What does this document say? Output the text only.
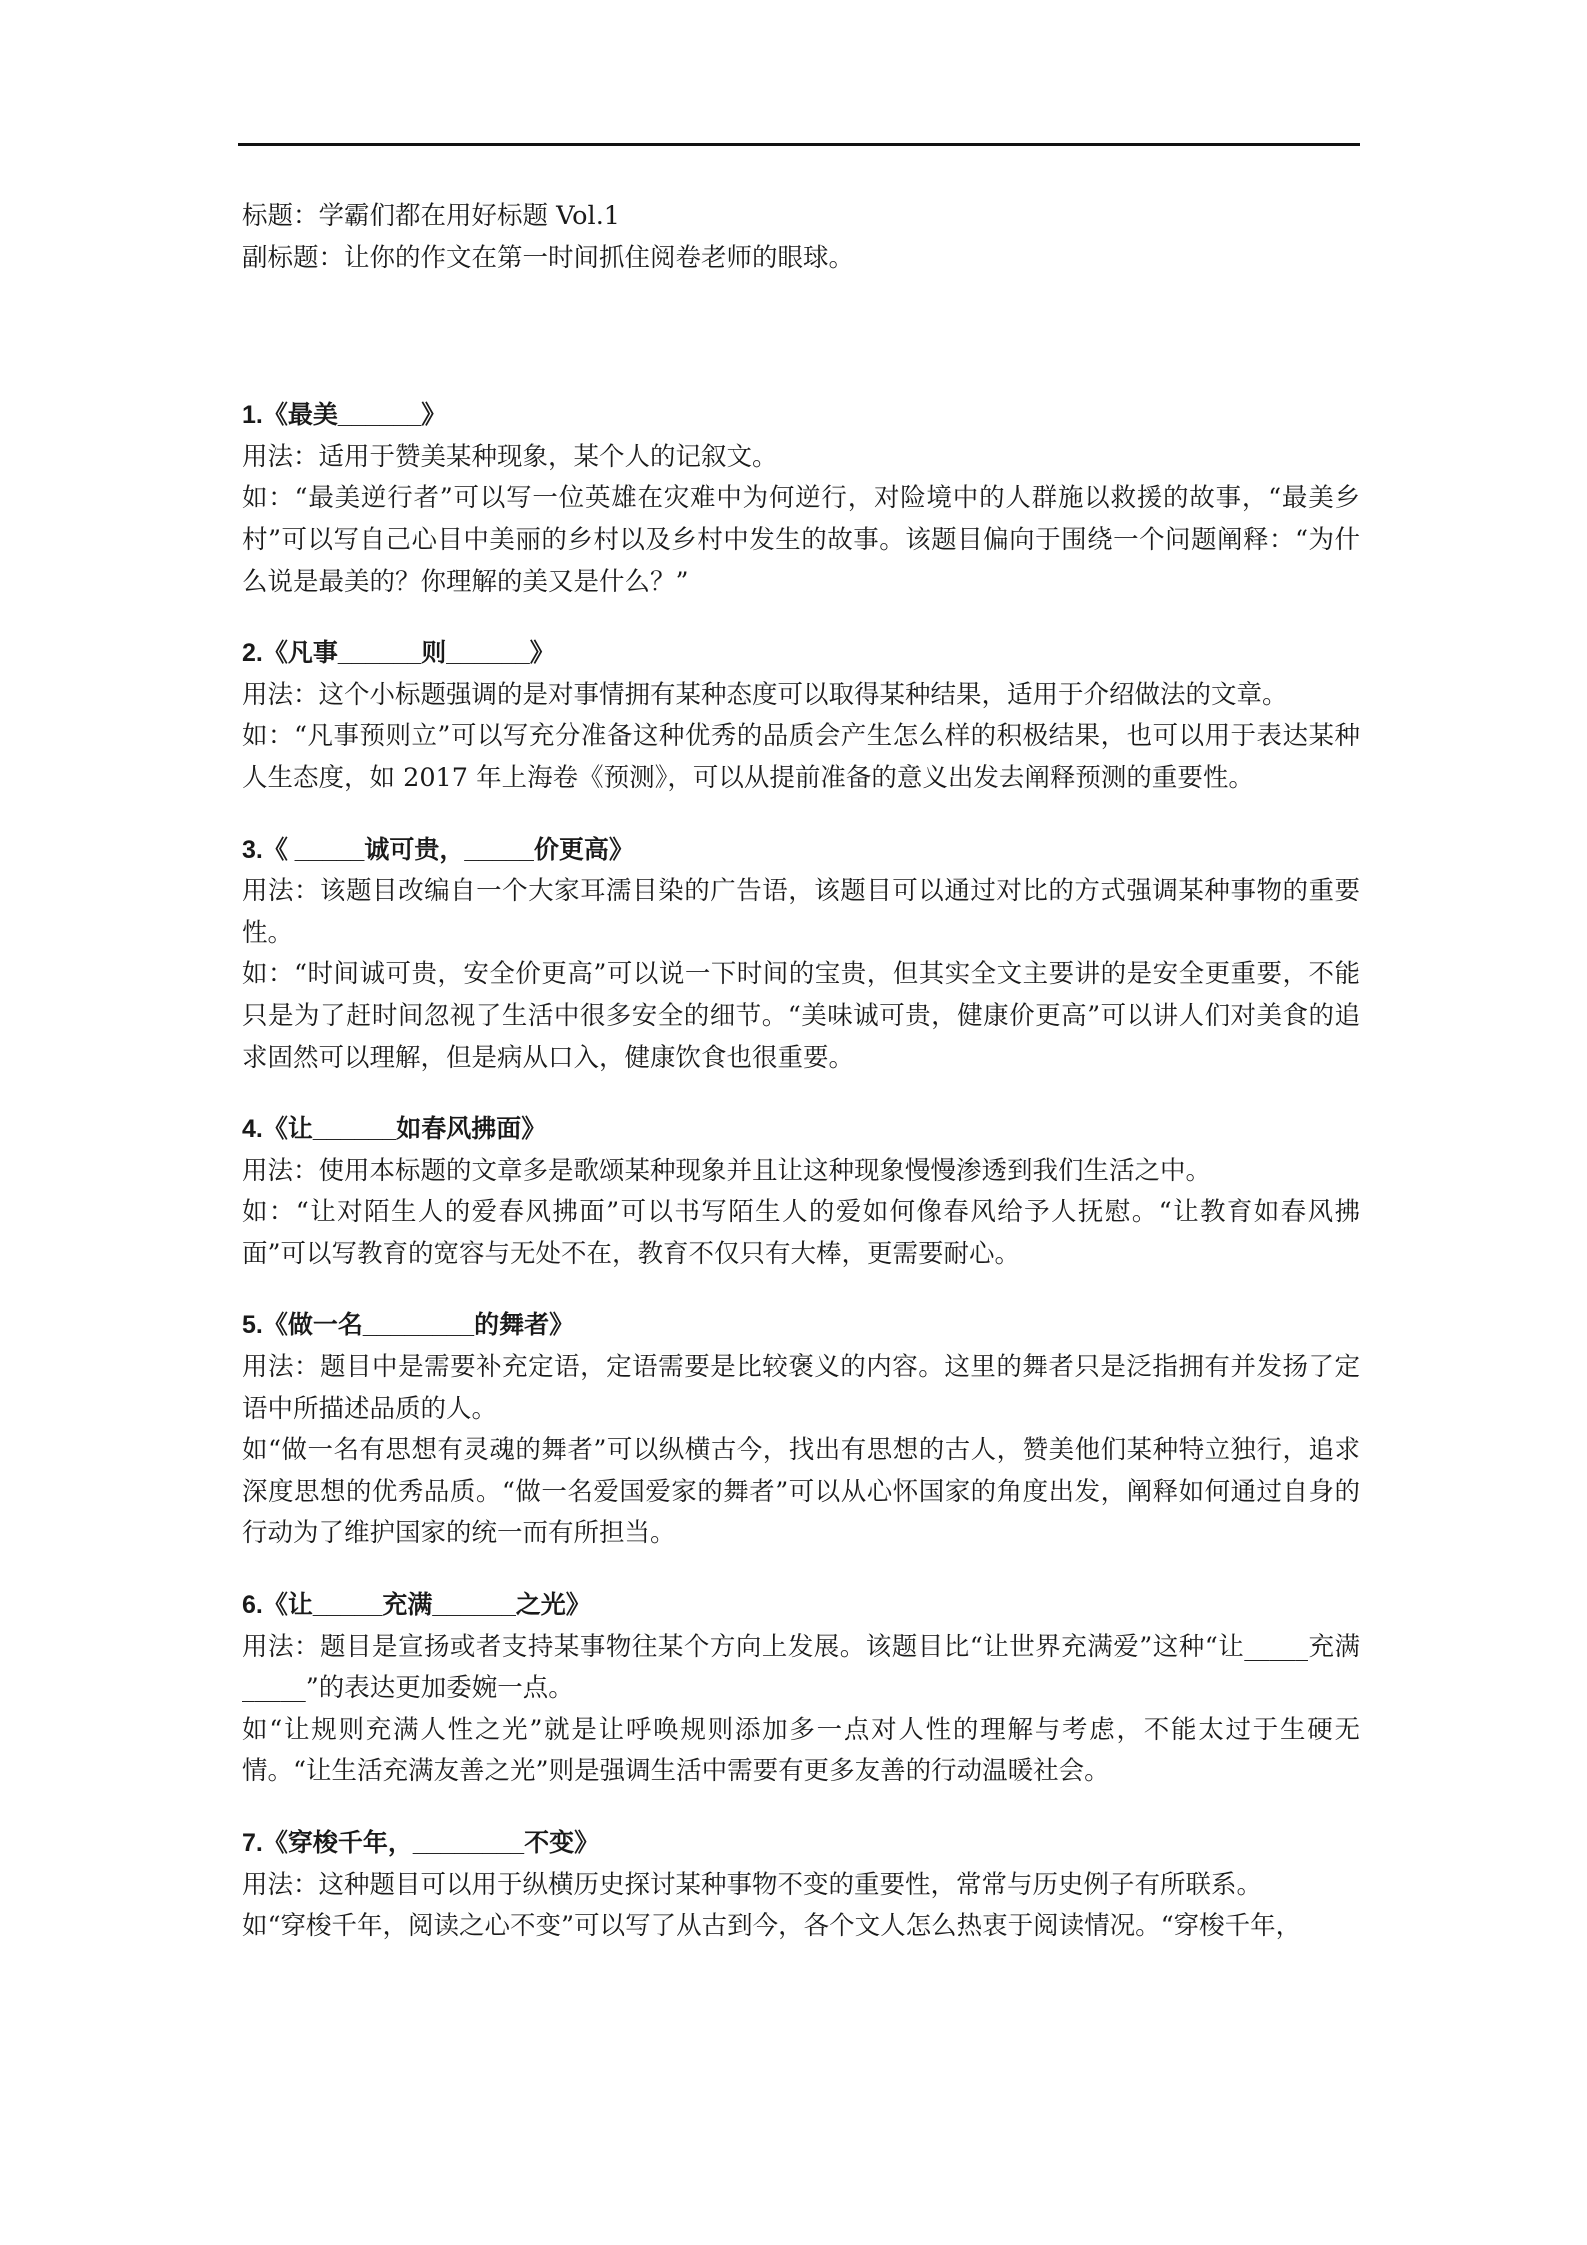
标题：学霸们都在用好标题 Vol.1

副标题：让你的作文在第一时间抓住阅卷老师的眼球。

1.《最美______》

用法：适用于赞美某种现象，某个人的记叙文。

如：“最美逆行者”可以写一位英雄在灾难中为何逆行，对险境中的人群施以救援的故事，“最美乡村”可以写自己心目中美丽的乡村以及乡村中发生的故事。该题目偏向于围绕一个问题阐释：“为什么说是最美的？你理解的美又是什么？”

2.《凡事______则______》

用法：这个小标题强调的是对事情拥有某种态度可以取得某种结果，适用于介绍做法的文章。

如：“凡事预则立”可以写充分准备这种优秀的品质会产生怎么样的积极结果，也可以用于表达某种人生态度，如 2017 年上海卷《预测》，可以从提前准备的意义出发去阐释预测的重要性。

3.《 _____诚可贵，_____价更高》

用法：该题目改编自一个大家耳濡目染的广告语，该题目可以通过对比的方式强调某种事物的重要性。

如：“时间诚可贵，安全价更高”可以说一下时间的宝贵，但其实全文主要讲的是安全更重要，不能只是为了赶时间忽视了生活中很多安全的细节。“美味诚可贵，健康价更高”可以讲人们对美食的追求固然可以理解，但是病从口入，健康饮食也很重要。

4.《让______如春风拂面》

用法：使用本标题的文章多是歌颂某种现象并且让这种现象慢慢渗透到我们生活之中。

如：“让对陌生人的爱春风拂面”可以书写陌生人的爱如何像春风给予人抚慰。“让教育如春风拂面”可以写教育的宽容与无处不在，教育不仅只有大棒，更需要耐心。

5.《做一名________的舞者》

用法：题目中是需要补充定语，定语需要是比较褒义的内容。这里的舞者只是泛指拥有并发扬了定语中所描述品质的人。

如“做一名有思想有灵魂的舞者”可以纵横古今，找出有思想的古人，赞美他们某种特立独行，追求深度思想的优秀品质。“做一名爱国爱家的舞者”可以从心怀国家的角度出发，阐释如何通过自身的行动为了维护国家的统一而有所担当。

6.《让_____充满______之光》

用法：题目是宣扬或者支持某事物往某个方向上发展。该题目比“让世界充满爱”这种“让_____充满_____”的表达更加委婉一点。

如“让规则充满人性之光”就是让呼唤规则添加多一点对人性的理解与考虑，不能太过于生硬无情。“让生活充满友善之光”则是强调生活中需要有更多友善的行动温暖社会。

7.《穿梭千年，________不变》

用法：这种题目可以用于纵横历史探讨某种事物不变的重要性，常常与历史例子有所联系。

如“穿梭千年，阅读之心不变”可以写了从古到今，各个文人怎么热衷于阅读情况。“穿梭千年，
